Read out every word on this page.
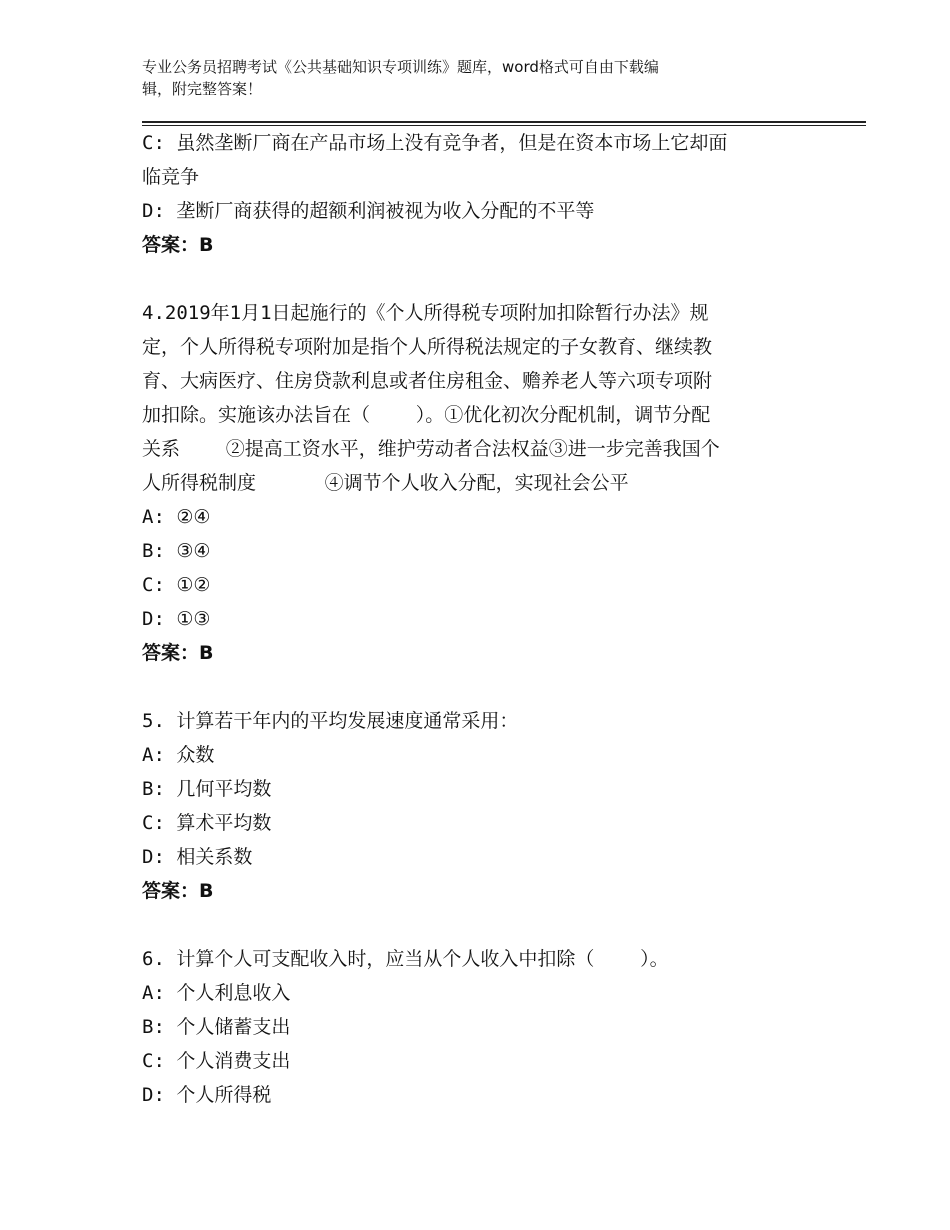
专业公务员招聘考试《公共基础知识专项训练》题库，word格式可自由下载编
辑，附完整答案！
C: 虽然垄断厂商在产品市场上没有竞争者，但是在资本市场上它却面
临竞争
D: 垄断厂商获得的超额利润被视为收入分配的不平等
答案：B
4.2019年1月1日起施行的《个人所得税专项附加扣除暂行办法》规
定，个人所得税专项附加是指个人所得税法规定的子女教育、继续教
育、大病医疗、住房贷款利息或者住房租金、赡养老人等六项专项附
加扣除。实施该办法旨在（    ）。①优化初次分配机制，调节分配
关系    ②提高工资水平，维护劳动者合法权益③进一步完善我国个
人所得税制度      ④调节个人收入分配，实现社会公平
A: ②④
B: ③④
C: ①②
D: ①③
答案：B
5. 计算若干年内的平均发展速度通常采用：
A: 众数
B: 几何平均数
C: 算术平均数
D: 相关系数
答案：B
6. 计算个人可支配收入时，应当从个人收入中扣除（    ）。
A: 个人利息收入
B: 个人储蓄支出
C: 个人消费支出
D: 个人所得税
